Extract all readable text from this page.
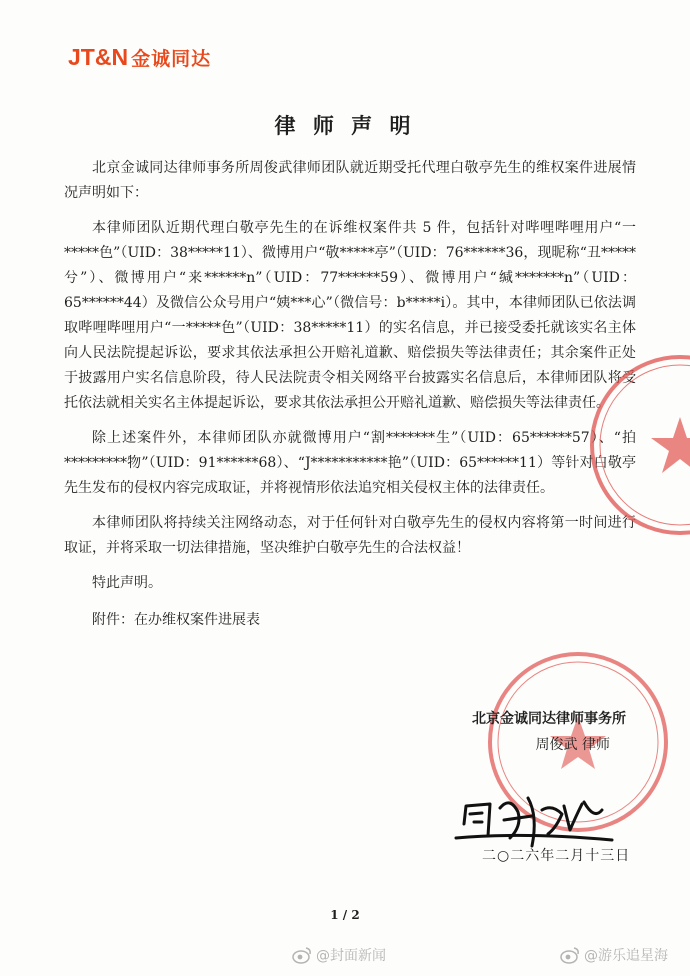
JT&N 金诚同达
律 师 声 明

北京金诚同达律师事务所周俊武律师团队就近期受托代理白敬亭先生的维权案件进展情况声明如下：

本律师团队近期代理白敬亭先生的在诉维权案件共 5 件，包括针对哔哩哔哩用户“一*****色”（UID：38*****11）、微博用户“敬*****亭”（UID：76******36，现昵称“丑*****兮”）、微博用户“来******n”（UID：77******59）、微博用户“缄*******n”（UID：65******44）及微信公众号用户“姨***心”（微信号：b*****i）。其中，本律师团队已依法调取哔哩哔哩用户“一*****色”（UID：38*****11）的实名信息，并已接受委托就该实名主体向人民法院提起诉讼，要求其依法承担公开赔礼道歉、赔偿损失等法律责任；其余案件正处于披露用户实名信息阶段，待人民法院责令相关网络平台披露实名信息后，本律师团队将受托依法就相关实名主体提起诉讼，要求其依法承担公开赔礼道歉、赔偿损失等法律责任。

除上述案件外，本律师团队亦就微博用户“割*******生”（UID：65******57）、“拍*********物”（UID：91******68）、“J***********艳”（UID：65******11）等针对白敬亭先生发布的侵权内容完成取证，并将视情形依法追究相关侵权主体的法律责任。

本律师团队将持续关注网络动态，对于任何针对白敬亭先生的侵权内容将第一时间进行取证，并将采取一切法律措施，坚决维护白敬亭先生的合法权益！

特此声明。

附件：在办维权案件进展表

北京金诚同达律师事务所
周俊武 律师
二○二六年二月十三日
1 / 2
@封面新闻	@游乐追星海
